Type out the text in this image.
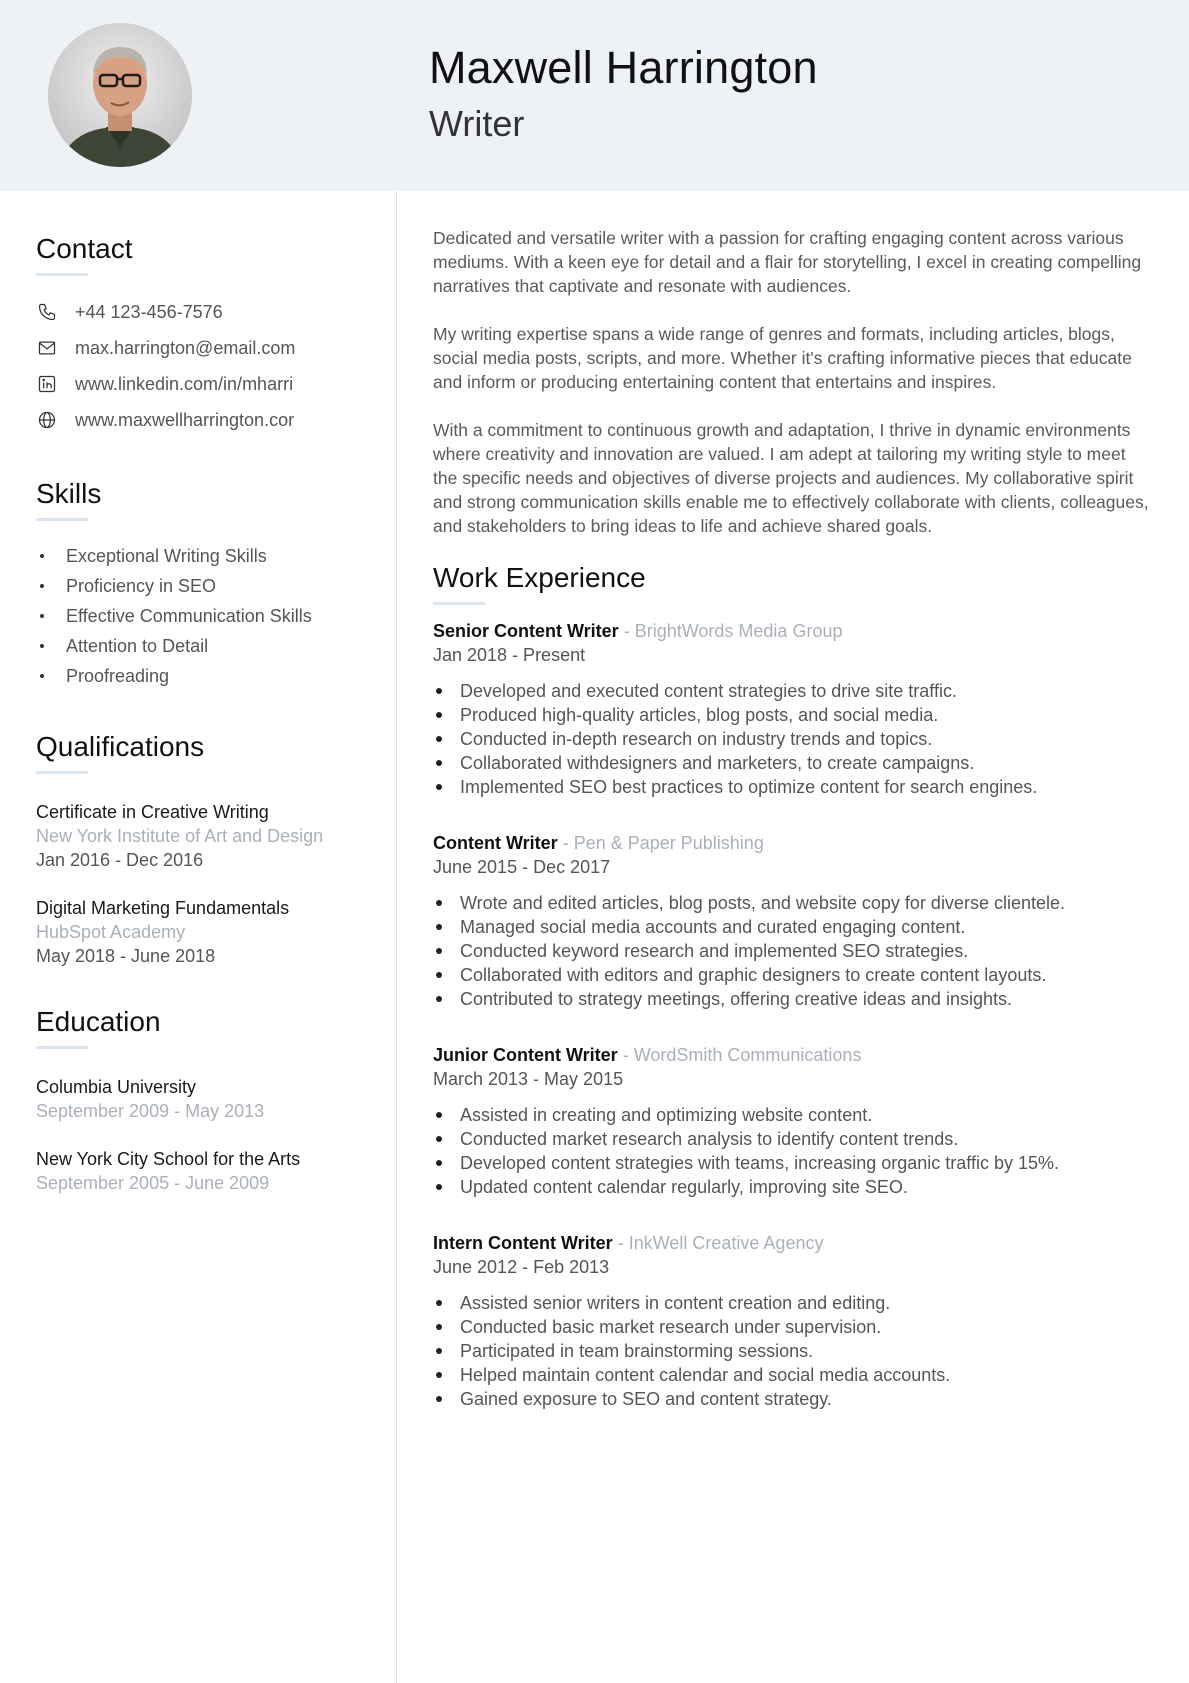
Maxwell Harrington
Writer
Contact
+44 123-456-7576
max.harrington@email.com
www.linkedin.com/in/mharri
www.maxwellharrington.cor
Skills
Exceptional Writing Skills
Proficiency in SEO
Effective Communication Skills
Attention to Detail
Proofreading
Qualifications
Certificate in Creative Writing
New York Institute of Art and Design
Jan 2016 - Dec 2016
Digital Marketing Fundamentals
HubSpot Academy
May 2018 - June 2018
Education
Columbia University
September 2009 - May 2013
New York City School for the Arts
September 2005 - June 2009

Dedicated and versatile writer with a passion for crafting engaging content across various mediums. With a keen eye for detail and a flair for storytelling, I excel in creating compelling narratives that captivate and resonate with audiences.

My writing expertise spans a wide range of genres and formats, including articles, blogs, social media posts, scripts, and more. Whether it's crafting informative pieces that educate and inform or producing entertaining content that entertains and inspires.

With a commitment to continuous growth and adaptation, I thrive in dynamic environments where creativity and innovation are valued. I am adept at tailoring my writing style to meet the specific needs and objectives of diverse projects and audiences. My collaborative spirit and strong communication skills enable me to effectively collaborate with clients, colleagues, and stakeholders to bring ideas to life and achieve shared goals.

Work Experience
Senior Content Writer - BrightWords Media Group
Jan 2018 - Present
Developed and executed content strategies to drive site traffic.
Produced high-quality articles, blog posts, and social media.
Conducted in-depth research on industry trends and topics.
Collaborated withdesigners and marketers, to create campaigns.
Implemented SEO best practices to optimize content for search engines.
Content Writer - Pen & Paper Publishing
June 2015 - Dec 2017
Wrote and edited articles, blog posts, and website copy for diverse clientele.
Managed social media accounts and curated engaging content.
Conducted keyword research and implemented SEO strategies.
Collaborated with editors and graphic designers to create content layouts.
Contributed to strategy meetings, offering creative ideas and insights.
Junior Content Writer - WordSmith Communications
March 2013 - May 2015
Assisted in creating and optimizing website content.
Conducted market research analysis to identify content trends.
Developed content strategies with teams, increasing organic traffic by 15%.
Updated content calendar regularly, improving site SEO.
Intern Content Writer - InkWell Creative Agency
June 2012 - Feb 2013
Assisted senior writers in content creation and editing.
Conducted basic market research under supervision.
Participated in team brainstorming sessions.
Helped maintain content calendar and social media accounts.
Gained exposure to SEO and content strategy.
